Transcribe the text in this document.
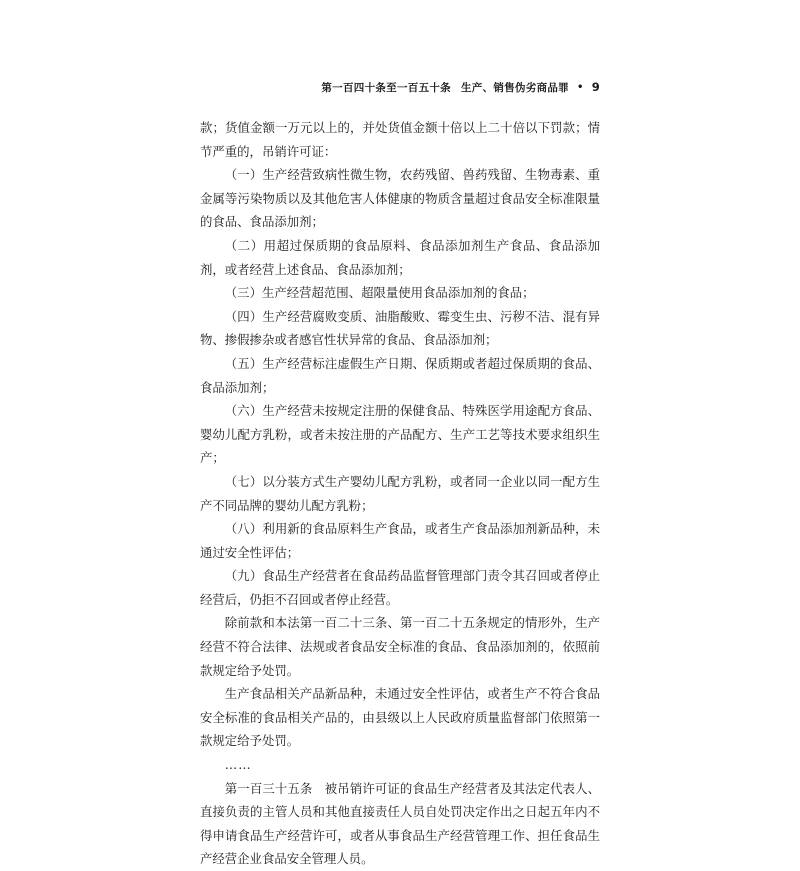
第一百四十条至一百五十条 生产、销售伪劣商品罪 • 9

款；货值金额一万元以上的，并处货值金额十倍以上二十倍以下罚款；情节严重的，吊销许可证：

（一）生产经营致病性微生物，农药残留、兽药残留、生物毒素、重金属等污染物质以及其他危害人体健康的物质含量超过食品安全标准限量的食品、食品添加剂；

（二）用超过保质期的食品原料、食品添加剂生产食品、食品添加剂，或者经营上述食品、食品添加剂；

（三）生产经营超范围、超限量使用食品添加剂的食品；

（四）生产经营腐败变质、油脂酸败、霉变生虫、污秽不洁、混有异物、掺假掺杂或者感官性状异常的食品、食品添加剂；

（五）生产经营标注虚假生产日期、保质期或者超过保质期的食品、食品添加剂；

（六）生产经营未按规定注册的保健食品、特殊医学用途配方食品、婴幼儿配方乳粉，或者未按注册的产品配方、生产工艺等技术要求组织生产；

（七）以分装方式生产婴幼儿配方乳粉，或者同一企业以同一配方生产不同品牌的婴幼儿配方乳粉；

（八）利用新的食品原料生产食品，或者生产食品添加剂新品种，未通过安全性评估；

（九）食品生产经营者在食品药品监督管理部门责令其召回或者停止经营后，仍拒不召回或者停止经营。

除前款和本法第一百二十三条、第一百二十五条规定的情形外，生产经营不符合法律、法规或者食品安全标准的食品、食品添加剂的，依照前款规定给予处罚。

生产食品相关产品新品种，未通过安全性评估，或者生产不符合食品安全标准的食品相关产品的，由县级以上人民政府质量监督部门依照第一款规定给予处罚。

……

第一百三十五条 被吊销许可证的食品生产经营者及其法定代表人、直接负责的主管人员和其他直接责任人员自处罚决定作出之日起五年内不得申请食品生产经营许可，或者从事食品生产经营管理工作、担任食品生产经营企业食品安全管理人员。
